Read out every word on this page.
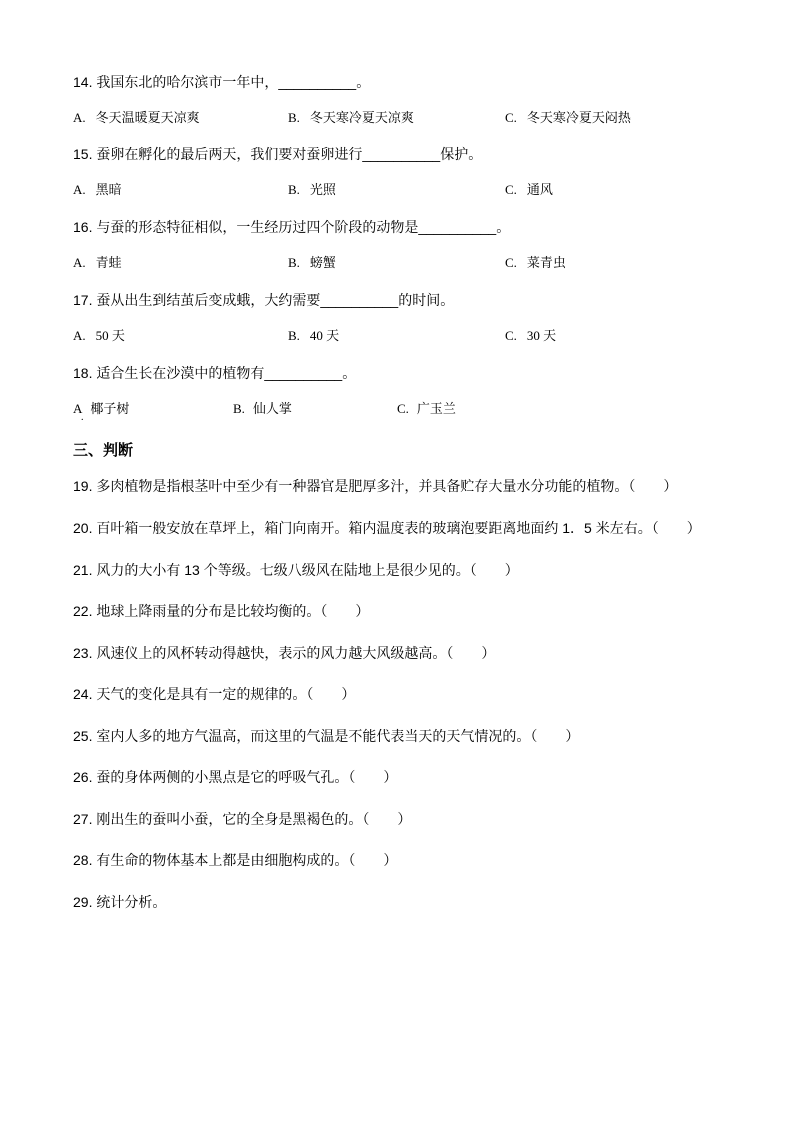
14. 我国东北的哈尔滨市一年中，__________。
A. 冬天温暖夏天凉爽	B. 冬天寒冷夏天凉爽	C. 冬天寒冷夏天闷热
15. 蚕卵在孵化的最后两天，我们要对蚕卵进行__________保护。
A. 黑暗	B. 光照	C. 通风
16. 与蚕的形态特征相似，一生经历过四个阶段的动物是__________。
A. 青蛙	B. 螃蟹	C. 菜青虫
17. 蚕从出生到结茧后变成蛾，大约需要__________的时间。
A. 50 天	B. 40 天	C. 30 天
18. 适合生长在沙漠中的植物有__________。
A 椰子树
.
B. 仙人掌	C. 广玉兰
三、判断
19. 多肉植物是指根茎叶中至少有一种器官是肥厚多汁，并具备贮存大量水分功能的植物。（　　）
20. 百叶箱一般安放在草坪上，箱门向南开。箱内温度表的玻璃泡要距离地面约 1．5 米左右。（　　）
21. 风力的大小有 13 个等级。七级八级风在陆地上是很少见的。（　　）
22. 地球上降雨量的分布是比较均衡的。（　　）
23. 风速仪上的风杯转动得越快，表示的风力越大风级越高。（　　）
24. 天气的变化是具有一定的规律的。（　　）
25. 室内人多的地方气温高，而这里的气温是不能代表当天的天气情况的。（　　）
26. 蚕的身体两侧的小黑点是它的呼吸气孔。（　　）
27. 刚出生的蚕叫小蚕，它的全身是黑褐色的。（　　）
28. 有生命的物体基本上都是由细胞构成的。（　　）
29. 统计分析。
